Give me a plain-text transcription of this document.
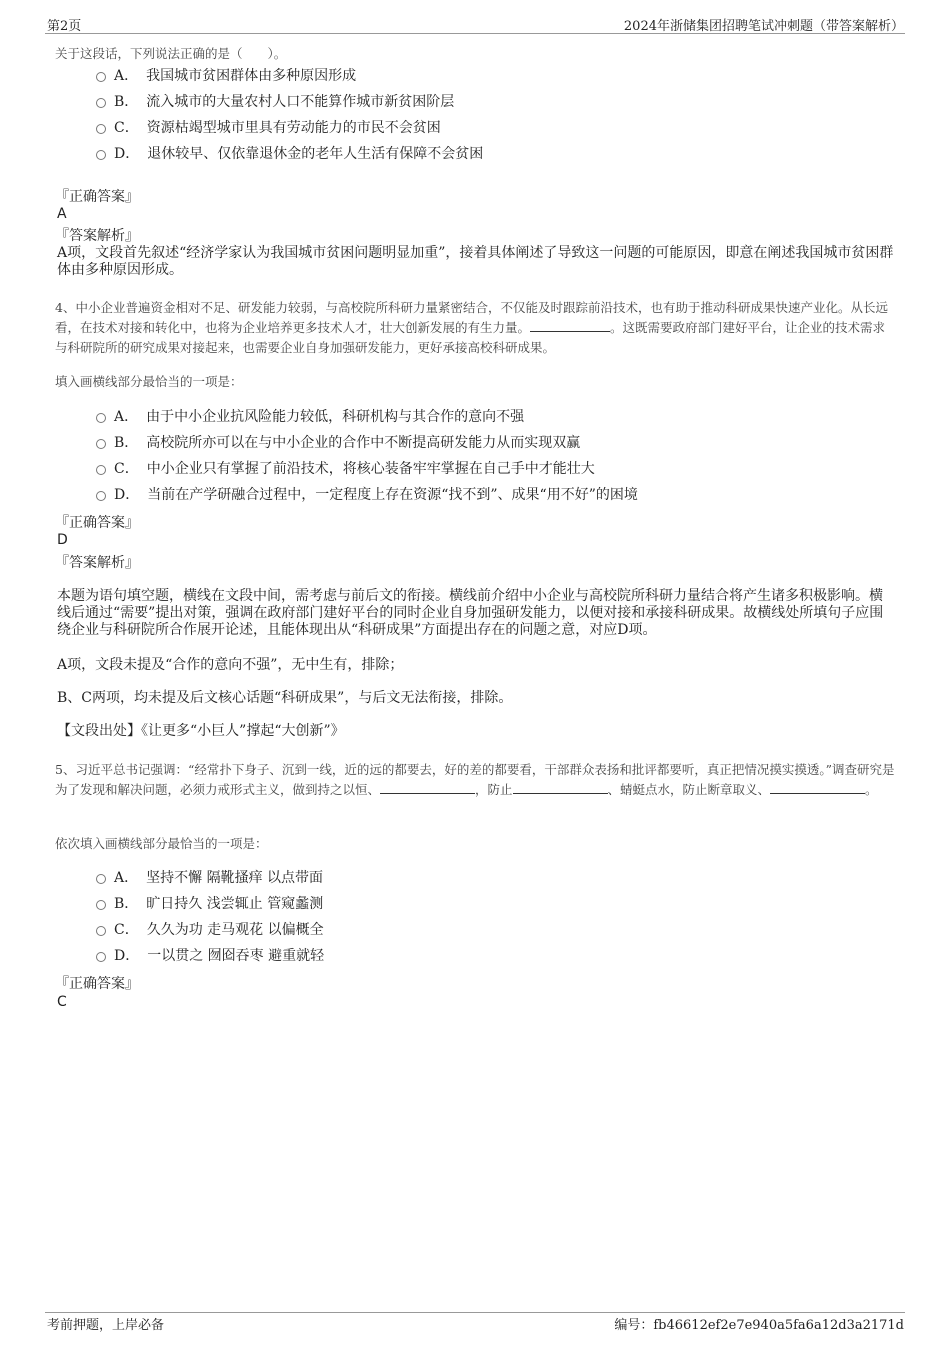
第2页	2024年浙储集团招聘笔试冲刺题（带答案解析）
关于这段话，下列说法正确的是（　　）。
A． 我国城市贫困群体由多种原因形成
B． 流入城市的大量农村人口不能算作城市新贫困阶层
C． 资源枯竭型城市里具有劳动能力的市民不会贫困
D． 退休较早、仅依靠退休金的老年人生活有保障不会贫困
『正确答案』
A
『答案解析』
A项，文段首先叙述“经济学家认为我国城市贫困问题明显加重”，接着具体阐述了导致这一问题的可能原因，即意在阐述我国城市贫困群体由多种原因形成。
4、中小企业普遍资金相对不足、研发能力较弱，与高校院所科研力量紧密结合，不仅能及时跟踪前沿技术，也有助于推动科研成果快速产业化。从长远看，在技术对接和转化中，也将为企业培养更多技术人才，壮大创新发展的有生力量。	。这既需要政府部门建好平台，让企业的技术需求与科研院所的研究成果对接起来，也需要企业自身加强研发能力，更好承接高校科研成果。
填入画横线部分最恰当的一项是：
A． 由于中小企业抗风险能力较低，科研机构与其合作的意向不强
B． 高校院所亦可以在与中小企业的合作中不断提高研发能力从而实现双赢
C． 中小企业只有掌握了前沿技术，将核心装备牢牢掌握在自己手中才能壮大
D． 当前在产学研融合过程中，一定程度上存在资源“找不到”、成果“用不好”的困境
『正确答案』
D
『答案解析』
本题为语句填空题，横线在文段中间，需考虑与前后文的衔接。横线前介绍中小企业与高校院所科研力量结合将产生诸多积极影响。横线后通过“需要”提出对策，强调在政府部门建好平台的同时企业自身加强研发能力，以便对接和承接科研成果。故横线处所填句子应围绕企业与科研院所合作展开论述，且能体现出从“科研成果”方面提出存在的问题之意，对应D项。
A项，文段未提及“合作的意向不强”，无中生有，排除；
B、C两项，均未提及后文核心话题“科研成果”，与后文无法衔接，排除。
【文段出处】《让更多“小巨人”撑起“大创新”》
5、习近平总书记强调：“经常扑下身子、沉到一线，近的远的都要去，好的差的都要看，干部群众表扬和批评都要听，真正把情况摸实摸透。”调查研究是为了发现和解决问题，必须力戒形式主义，做到持之以恒、	，防止	、蜻蜓点水，防止断章取义、	。
依次填入画横线部分最恰当的一项是：
A． 坚持不懈 隔靴搔痒 以点带面
B． 旷日持久 浅尝辄止 管窥蠡测
C． 久久为功 走马观花 以偏概全
D． 一以贯之 囫囵吞枣 避重就轻
『正确答案』
C
考前押题，上岸必备	编号：fb46612ef2e7e940a5fa6a12d3a2171d
